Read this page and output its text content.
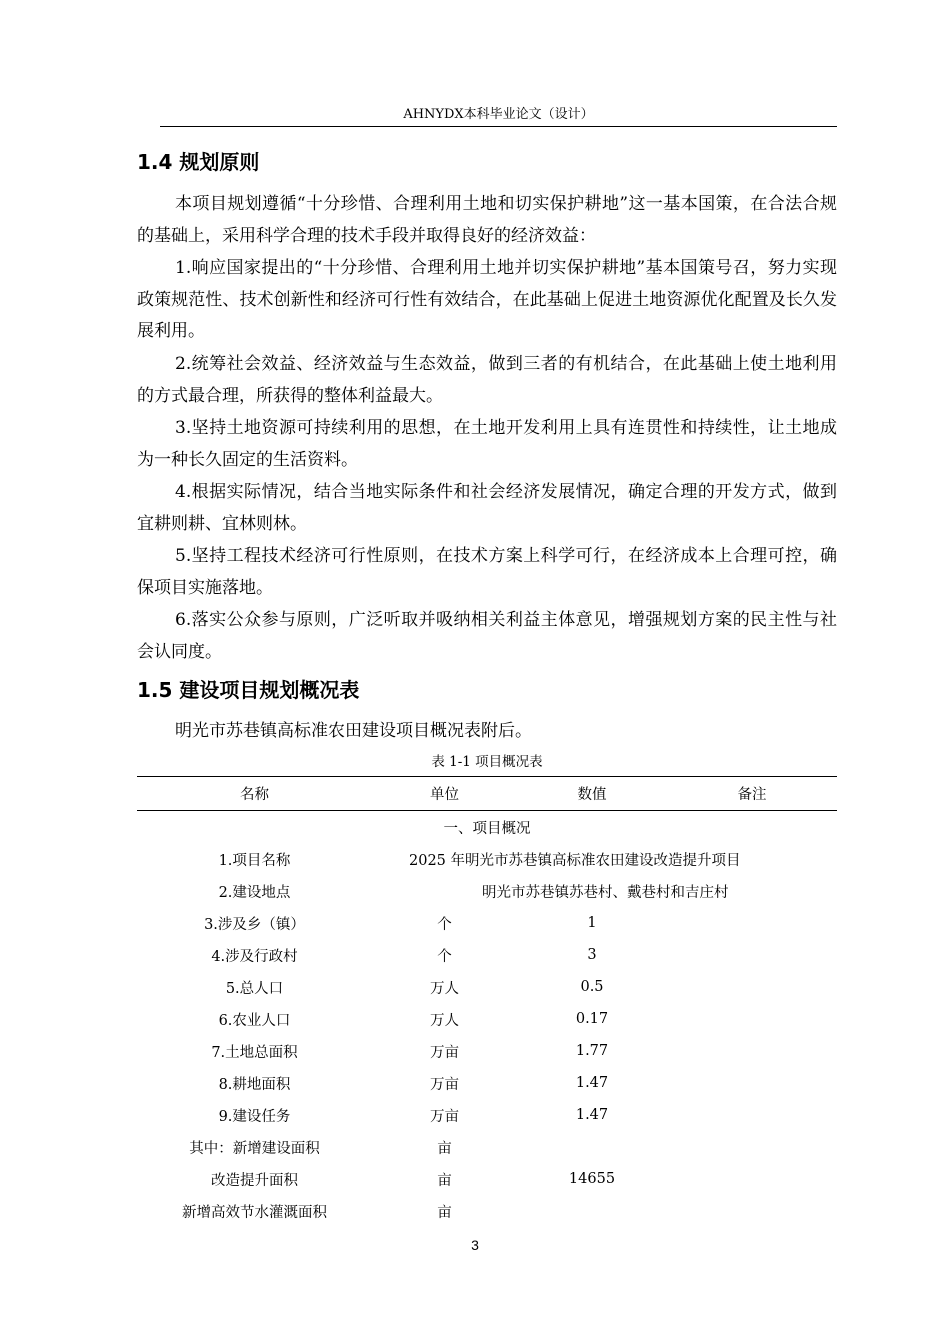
AHNYDX本科毕业论文（设计）
1.4 规划原则

本项目规划遵循“十分珍惜、合理利用土地和切实保护耕地”这一基本国策，在合法合规的基础上，采用科学合理的技术手段并取得良好的经济效益：

1.响应国家提出的“十分珍惜、合理利用土地并切实保护耕地”基本国策号召，努力实现政策规范性、技术创新性和经济可行性有效结合，在此基础上促进土地资源优化配置及长久发展利用。

2.统筹社会效益、经济效益与生态效益，做到三者的有机结合，在此基础上使土地利用的方式最合理，所获得的整体利益最大。

3.坚持土地资源可持续利用的思想，在土地开发利用上具有连贯性和持续性，让土地成为一种长久固定的生活资料。

4.根据实际情况，结合当地实际条件和社会经济发展情况，确定合理的开发方式，做到宜耕则耕、宜林则林。

5.坚持工程技术经济可行性原则，在技术方案上科学可行，在经济成本上合理可控，确保项目实施落地。

6.落实公众参与原则，广泛听取并吸纳相关利益主体意见，增强规划方案的民主性与社会认同度。

1.5 建设项目规划概况表

明光市苏巷镇高标准农田建设项目概况表附后。

表 1-1 项目概况表
名称	单位	数值	备注
一、项目概况			
1.项目名称	2025 年明光市苏巷镇高标准农田建设改造提升项目		
2.建设地点	明光市苏巷镇苏巷村、戴巷村和吉庄村		
3.涉及乡（镇）	个	1	
4.涉及行政村	个	3	
5.总人口	万人	0.5	
6.农业人口	万人	0.17	
7.土地总面积	万亩	1.77	
8.耕地面积	万亩	1.47	
9.建设任务	万亩	1.47	
其中：新增建设面积	亩		
改造提升面积	亩	14655	
新增高效节水灌溉面积	亩		
3
